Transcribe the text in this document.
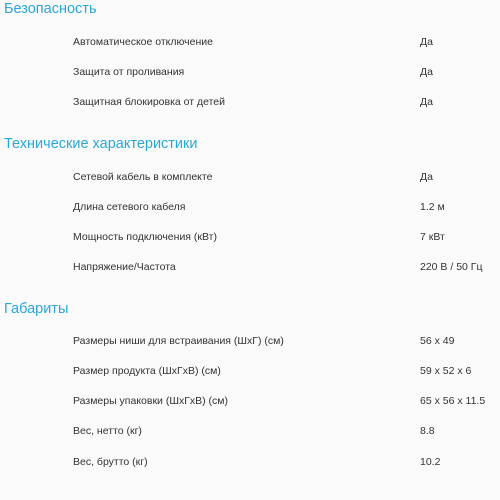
Безопасность
Автоматическое отключение	Да
Защита от проливания	Да
Защитная блокировка от детей	Да
Технические характеристики
Сетевой кабель в комплекте	Да
Длина сетевого кабеля	1.2 м
Мощность подключения (кВт)	7 кВт
Напряжение/Частота	220 В / 50 Гц
Габариты
Размеры ниши для встраивания (ШхГ) (см)	56 x 49
Размер продукта (ШхГхВ) (см)	59 x 52 x 6
Размеры упаковки (ШхГхВ) (см)	65 x 56 x 11.5
Вес, нетто (кг)	8.8
Вес, брутто (кг)	10.2
